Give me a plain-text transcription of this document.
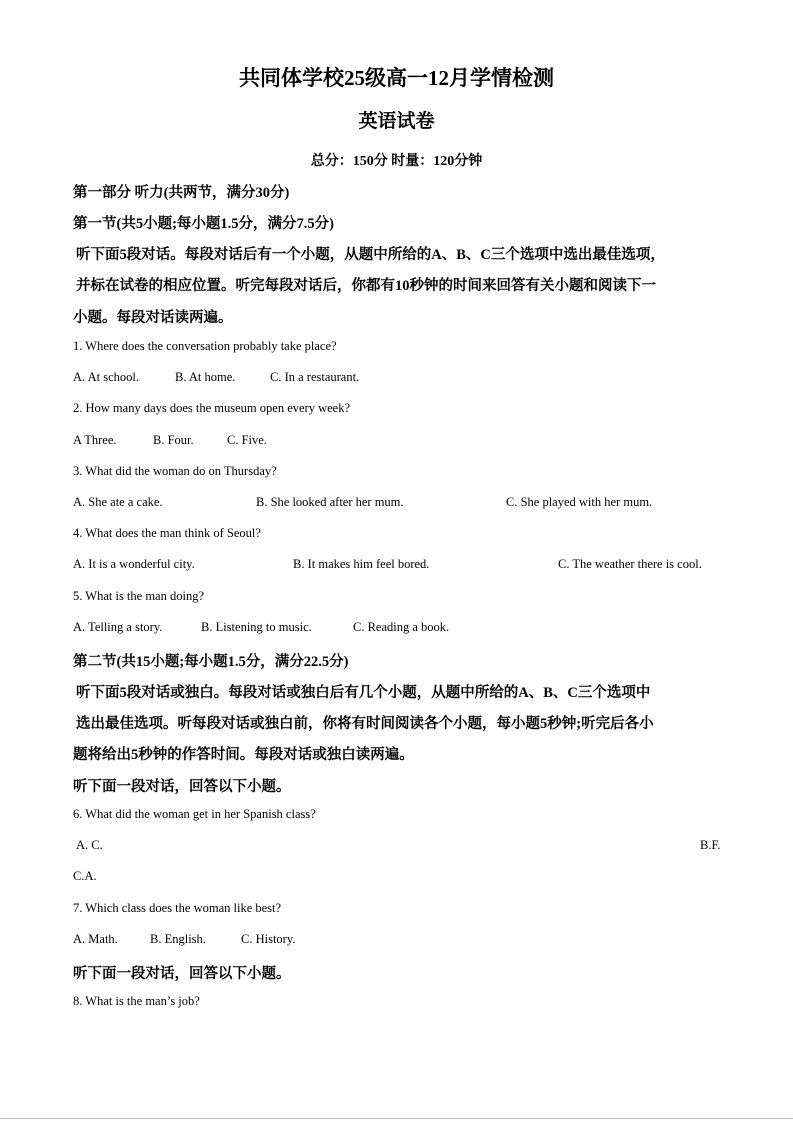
共同体学校25级高一12月学情检测
英语试卷
总分：150分 时量：120分钟
第一部分 听力(共两节，满分30分)
第一节(共5小题;每小题1.5分，满分7.5分)
听下面5段对话。每段对话后有一个小题，从题中所给的A、B、C三个选项中选出最佳选项，
并标在试卷的相应位置。听完每段对话后，你都有10秒钟的时间来回答有关小题和阅读下一
小题。每段对话读两遍。
1. Where does the conversation probably take place?
A. At school.	B. At home.	C. In a restaurant.
2. How many days does the museum open every week?
A Three.	B. Four.	C. Five.
3. What did the woman do on Thursday?
A. She ate a cake.	B. She looked after her mum.	C. She played with her mum.
4. What does the man think of Seoul?
A. It is a wonderful city.	B. It makes him feel bored.	C. The weather there is cool.
5. What is the man doing?
A. Telling a story.	B. Listening to music.	C. Reading a book.
第二节(共15小题;每小题1.5分，满分22.5分)
听下面5段对话或独白。每段对话或独白后有几个小题，从题中所给的A、B、C三个选项中
选出最佳选项。听每段对话或独白前，你将有时间阅读各个小题，每小题5秒钟;听完后各小
题将给出5秒钟的作答时间。每段对话或独白读两遍。
听下面一段对话，回答以下小题。
6. What did the woman get in her Spanish class?
A. C.	B.F.
C.A.
7. Which class does the woman like best?
A. Math.	B. English.	C. History.
听下面一段对话，回答以下小题。
8. What is the man’s job?
